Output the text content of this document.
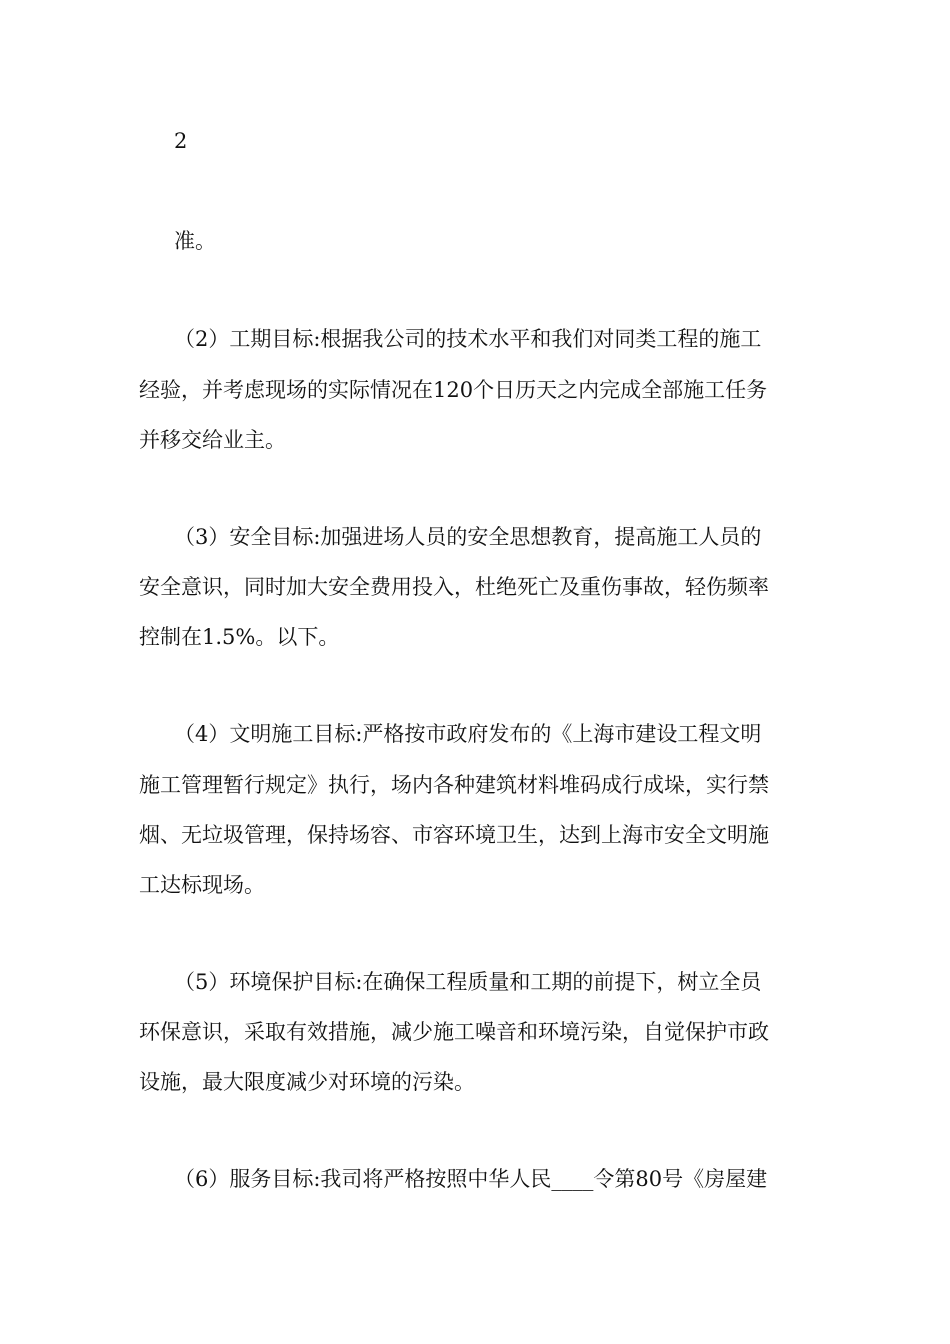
2
准。
（2）工期目标:根据我公司的技术水平和我们对同类工程的施工
经验，并考虑现场的实际情况在120个日历天之内完成全部施工任务
并移交给业主。
（3）安全目标:加强进场人员的安全思想教育，提高施工人员的
安全意识，同时加大安全费用投入，杜绝死亡及重伤事故，轻伤频率
控制在1.5%。以下。
（4）文明施工目标:严格按市政府发布的《上海市建设工程文明
施工管理暂行规定》执行，场内各种建筑材料堆码成行成垛，实行禁
烟、无垃圾管理，保持场容、市容环境卫生，达到上海市安全文明施
工达标现场。
（5）环境保护目标:在确保工程质量和工期的前提下，树立全员
环保意识，采取有效措施，减少施工噪音和环境污染，自觉保护市政
设施，最大限度减少对环境的污染。
（6）服务目标:我司将严格按照中华人民____令第80号《房屋建
